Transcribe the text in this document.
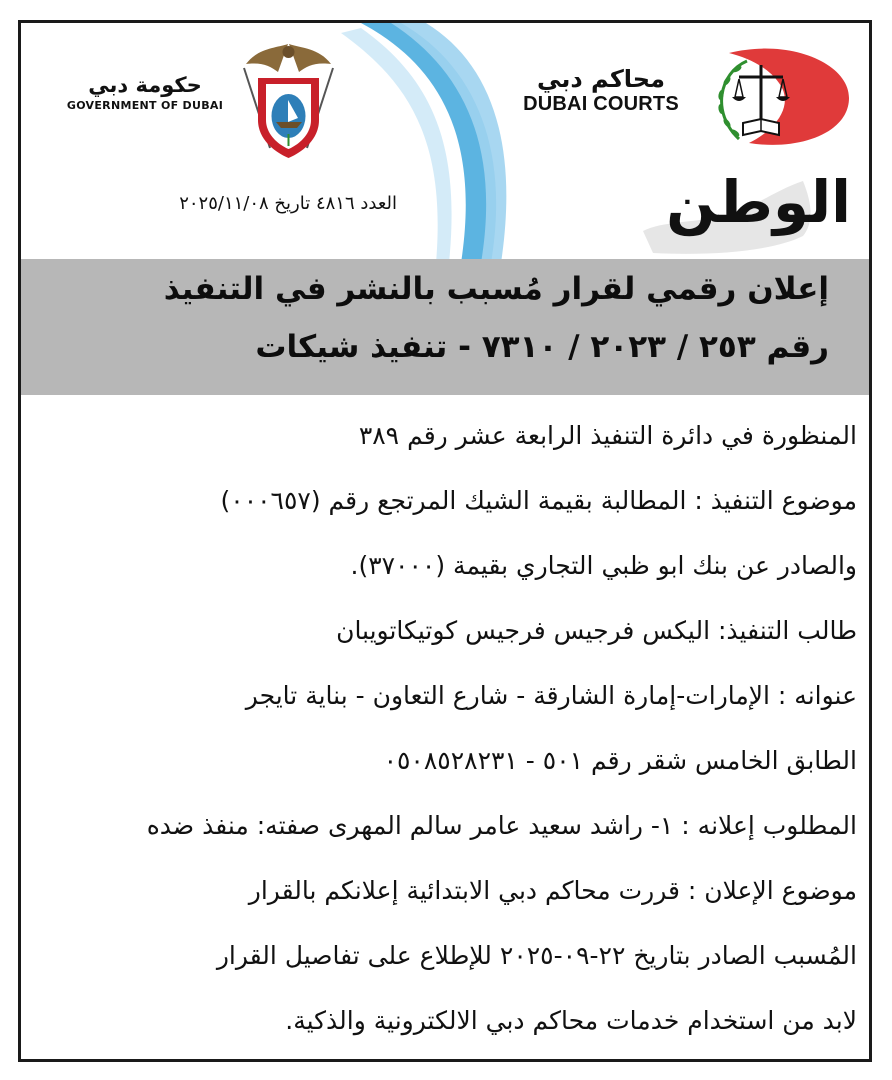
حكومة دبي
GOVERNMENT OF DUBAI
محاكم دبي
DUBAI COURTS
العدد ٤٨١٦ تاريخ ٢٠٢٥/١١/٠٨	الوطن
إعلان رقمي لقرار مُسبب بالنشر في التنفيذ
رقم ٢٥٣ / ٢٠٢٣ / ٧٣١٠ - تنفيذ شيكات
المنظورة في دائرة التنفيذ الرابعة عشر رقم ٣٨٩
موضوع التنفيذ : المطالبة بقيمة الشيك المرتجع رقم (٠٠٠٦٥٧)
والصادر عن بنك ابو ظبي التجاري بقيمة (٣٧٠٠٠).
طالب التنفيذ: اليكس فرجيس فرجيس كوتيكاتويبان
عنوانه : الإمارات-إمارة الشارقة - شارع التعاون - بناية تايجر
الطابق الخامس شقر رقم ٥٠١ - ٠٥٠٨٥٢٨٢٣١
المطلوب إعلانه : ١- راشد سعيد عامر سالم المهرى صفته: منفذ ضده
موضوع الإعلان : قررت محاكم دبي الابتدائية إعلانكم بالقرار
المُسبب الصادر بتاريخ ٢٢-٠٩-٢٠٢٥ للإطلاع على تفاصيل القرار
لابد من استخدام خدمات محاكم دبي الالكترونية والذكية.
